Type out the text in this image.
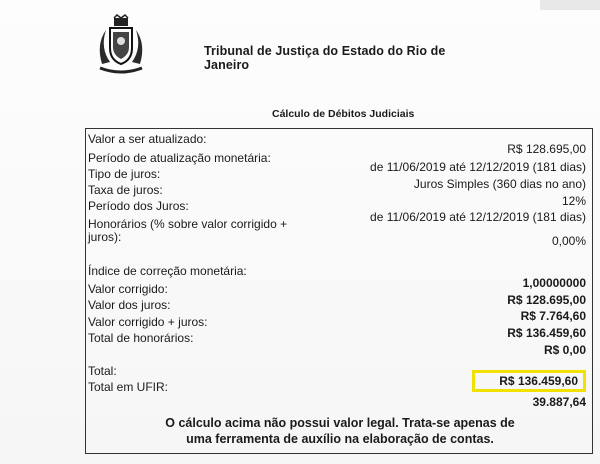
Tribunal de Justiça do Estado do Rio de Janeiro
Cálculo de Débitos Judiciais
Valor a ser atualizado:
R$ 128.695,00
Período de atualização monetária:
de 11/06/2019 até 12/12/2019 (181 dias)
Tipo de juros:
Juros Simples (360 dias no ano)
Taxa de juros:
12%
Período dos Juros:
de 11/06/2019 até 12/12/2019 (181 dias)
Honorários (% sobre valor corrigido +
juros):	0,00%
Índice de correção monetária:
1,00000000
Valor corrigido:
R$ 128.695,00
Valor dos juros:
R$ 7.764,60
Valor corrigido + juros:
R$ 136.459,60
Total de honorários:
R$ 0,00
Total:
R$ 136.459,60
Total em UFIR:
39.887,64
O cálculo acima não possui valor legal. Trata-se apenas de
uma ferramenta de auxílio na elaboração de contas.
